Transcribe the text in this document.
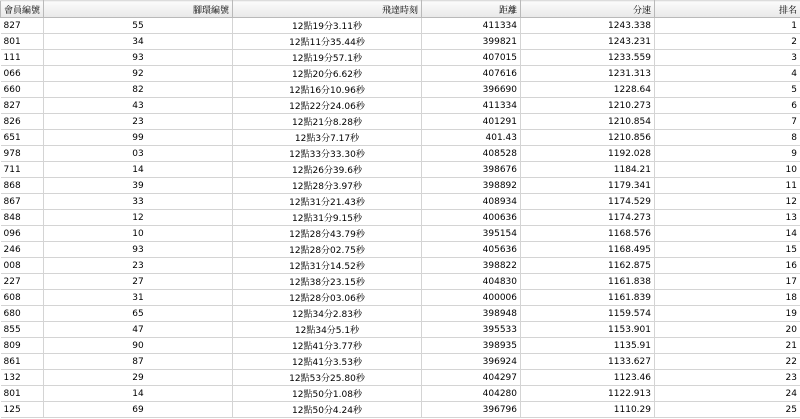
會員編號	腳環編號	飛達時刻	距離	分速	排名
827	55	12點19分3.11秒	411334	1243.338	1
801	34	12點11分35.44秒	399821	1243.231	2
111	93	12點19分57.1秒	407015	1233.559	3
066	92	12點20分6.62秒	407616	1231.313	4
660	82	12點16分10.96秒	396690	1228.64	5
827	43	12點22分24.06秒	411334	1210.273	6
826	23	12點21分8.28秒	401291	1210.854	7
651	99	12點3分7.17秒	401.43	1210.856	8
978	03	12點33分33.30秒	408528	1192.028	9
711	14	12點26分39.6秒	398676	1184.21	10
868	39	12點28分3.97秒	398892	1179.341	11
867	33	12點31分21.43秒	408934	1174.529	12
848	12	12點31分9.15秒	400636	1174.273	13
096	10	12點28分43.79秒	395154	1168.576	14
246	93	12點28分02.75秒	405636	1168.495	15
008	23	12點31分14.52秒	398822	1162.875	16
227	27	12點38分23.15秒	404830	1161.838	17
608	31	12點28分03.06秒	400006	1161.839	18
680	65	12點34分2.83秒	398948	1159.574	19
855	47	12點34分5.1秒	395533	1153.901	20
809	90	12點41分3.77秒	398935	1135.91	21
861	87	12點41分3.53秒	396924	1133.627	22
132	29	12點53分25.80秒	404297	1123.46	23
801	14	12點50分1.08秒	404280	1122.913	24
125	69	12點50分4.24秒	396796	1110.29	25
